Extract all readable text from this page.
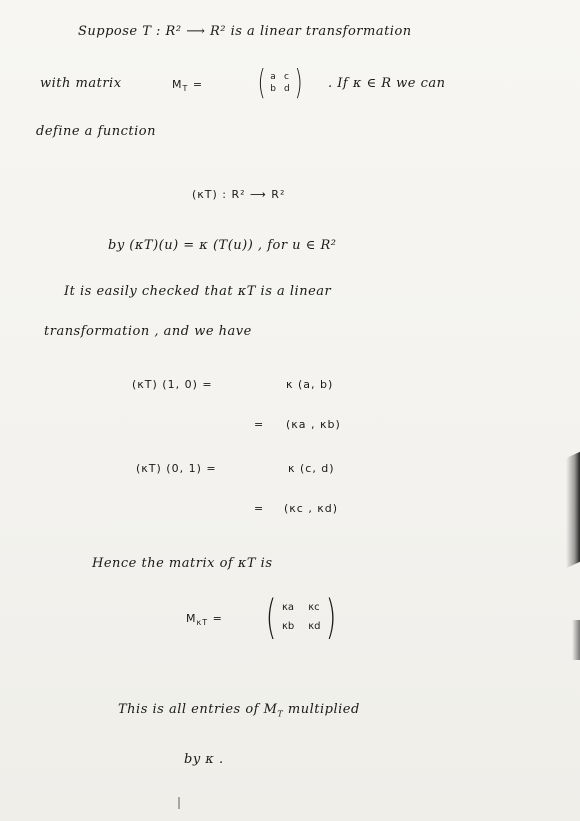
Suppose T : R² ⟶ R² is a linear transformation
with matrix	$M_T$ = ( a c
b d ) . If κ ∈ R we can
define a function
(κT) : R² ⟶ R²
by (κT)(u) = κ (T(u)) , for u ∈ R²
It is easily checked that κT is a linear
transformation , and we have
(κT) (1, 0) =	κ (a, b)
= (κa , κb)
(κT) (0, 1) =	κ (c, d)
= (κc , κd)
Hence the matrix of κT is
$M_{\kappa T}$ = ( κa κc
κb κd )
This is all entries of $M_T$ multiplied
by κ .
